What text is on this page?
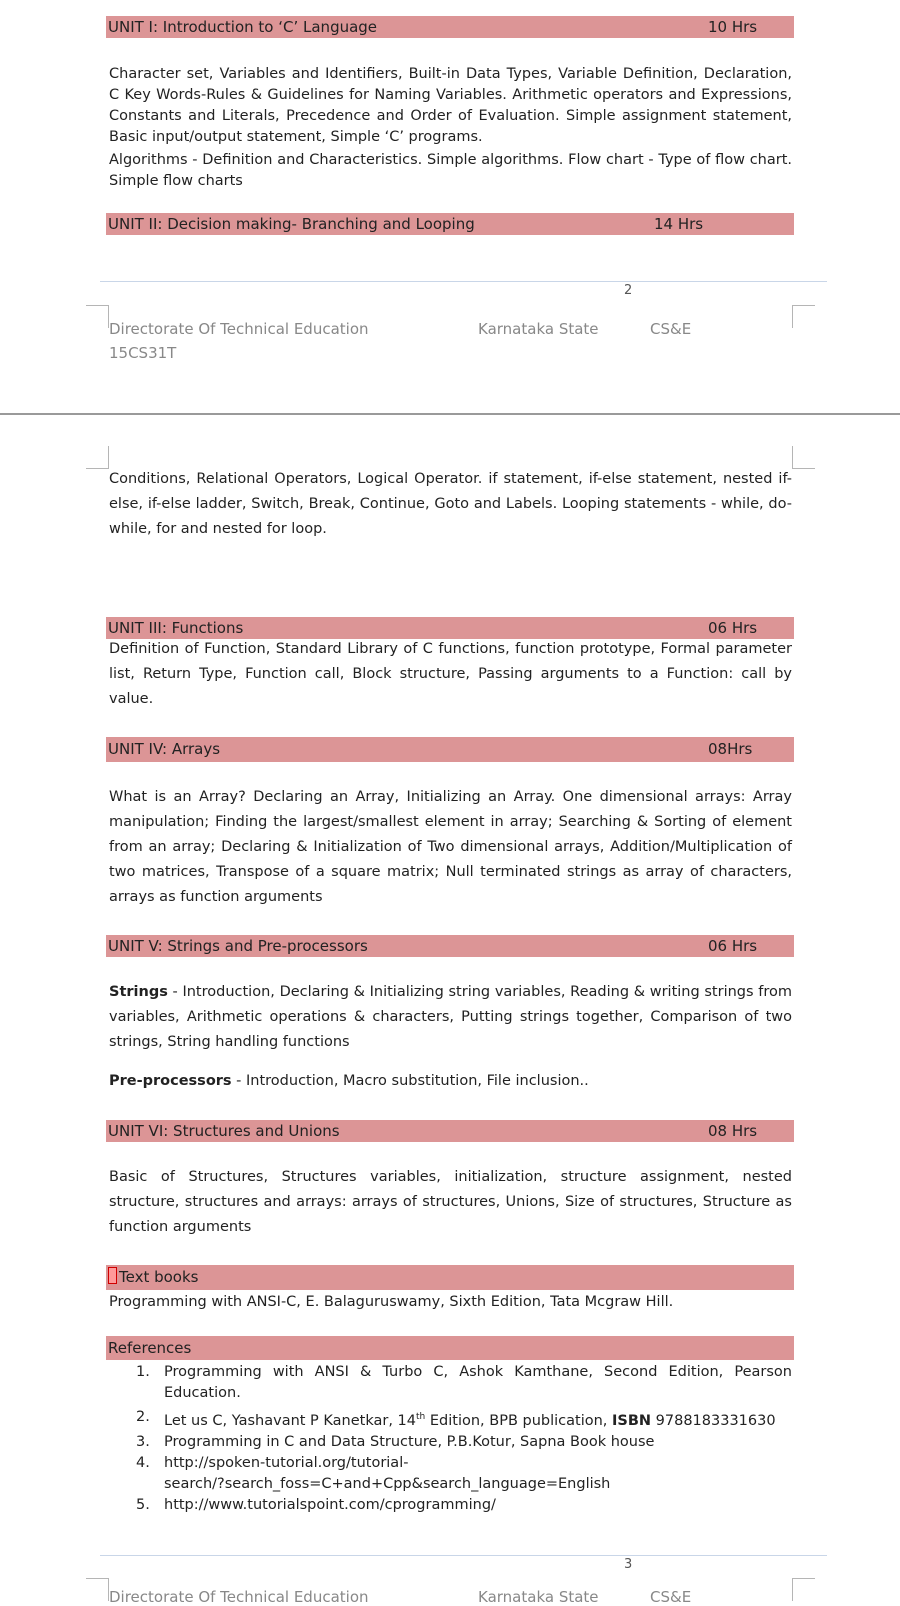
UNIT I: Introduction to ‘C’ Language	10 Hrs

Character set, Variables and Identifiers, Built-in Data Types, Variable Definition, Declaration, C Key Words-Rules & Guidelines for Naming Variables. Arithmetic operators and Expressions, Constants and Literals, Precedence and Order of Evaluation. Simple assignment statement, Basic input/output statement, Simple ‘C’ programs.

Algorithms - Definition and Characteristics. Simple algorithms. Flow chart - Type of flow chart. Simple flow charts

UNIT II: Decision making- Branching and Looping	14 Hrs
2
Directorate Of Technical Education	Karnataka State	CS&E
15CS31T

Conditions, Relational Operators, Logical Operator. if statement, if-else statement, nested if-else, if-else ladder, Switch, Break, Continue, Goto and Labels. Looping statements - while, do-while, for and nested for loop.

UNIT III: Functions	06 Hrs

Definition of Function, Standard Library of C functions, function prototype, Formal parameter list, Return Type, Function call, Block structure, Passing arguments to a Function: call by value.

UNIT IV: Arrays	08Hrs

What is an Array? Declaring an Array, Initializing an Array. One dimensional arrays: Array manipulation; Finding the largest/smallest element in array; Searching & Sorting of element from an array; Declaring & Initialization of Two dimensional arrays, Addition/Multiplication of two matrices, Transpose of a square matrix; Null terminated strings as array of characters, arrays as function arguments

UNIT V: Strings and Pre-processors	06 Hrs

Strings - Introduction, Declaring & Initializing string variables, Reading & writing strings from variables, Arithmetic operations & characters, Putting strings together, Comparison of two strings, String handling functions

Pre-processors - Introduction, Macro substitution, File inclusion..

UNIT VI: Structures and Unions	08 Hrs

Basic of Structures, Structures variables, initialization, structure assignment, nested structure, structures and arrays: arrays of structures, Unions, Size of structures, Structure as function arguments

Text books

Programming with ANSI-C, E. Balaguruswamy, Sixth Edition, Tata Mcgraw Hill.

References
1. Programming with ANSI & Turbo C, Ashok Kamthane, Second Edition, Pearson Education.
2. Let us C, Yashavant P Kanetkar, 14th Edition, BPB publication, ISBN 9788183331630
3. Programming in C and Data Structure, P.B.Kotur, Sapna Book house
4. http://spoken-tutorial.org/tutorial-
search/?search_foss=C+and+Cpp&search_language=English
5. http://www.tutorialspoint.com/cprogramming/
3
Directorate Of Technical Education	Karnataka State	CS&E
